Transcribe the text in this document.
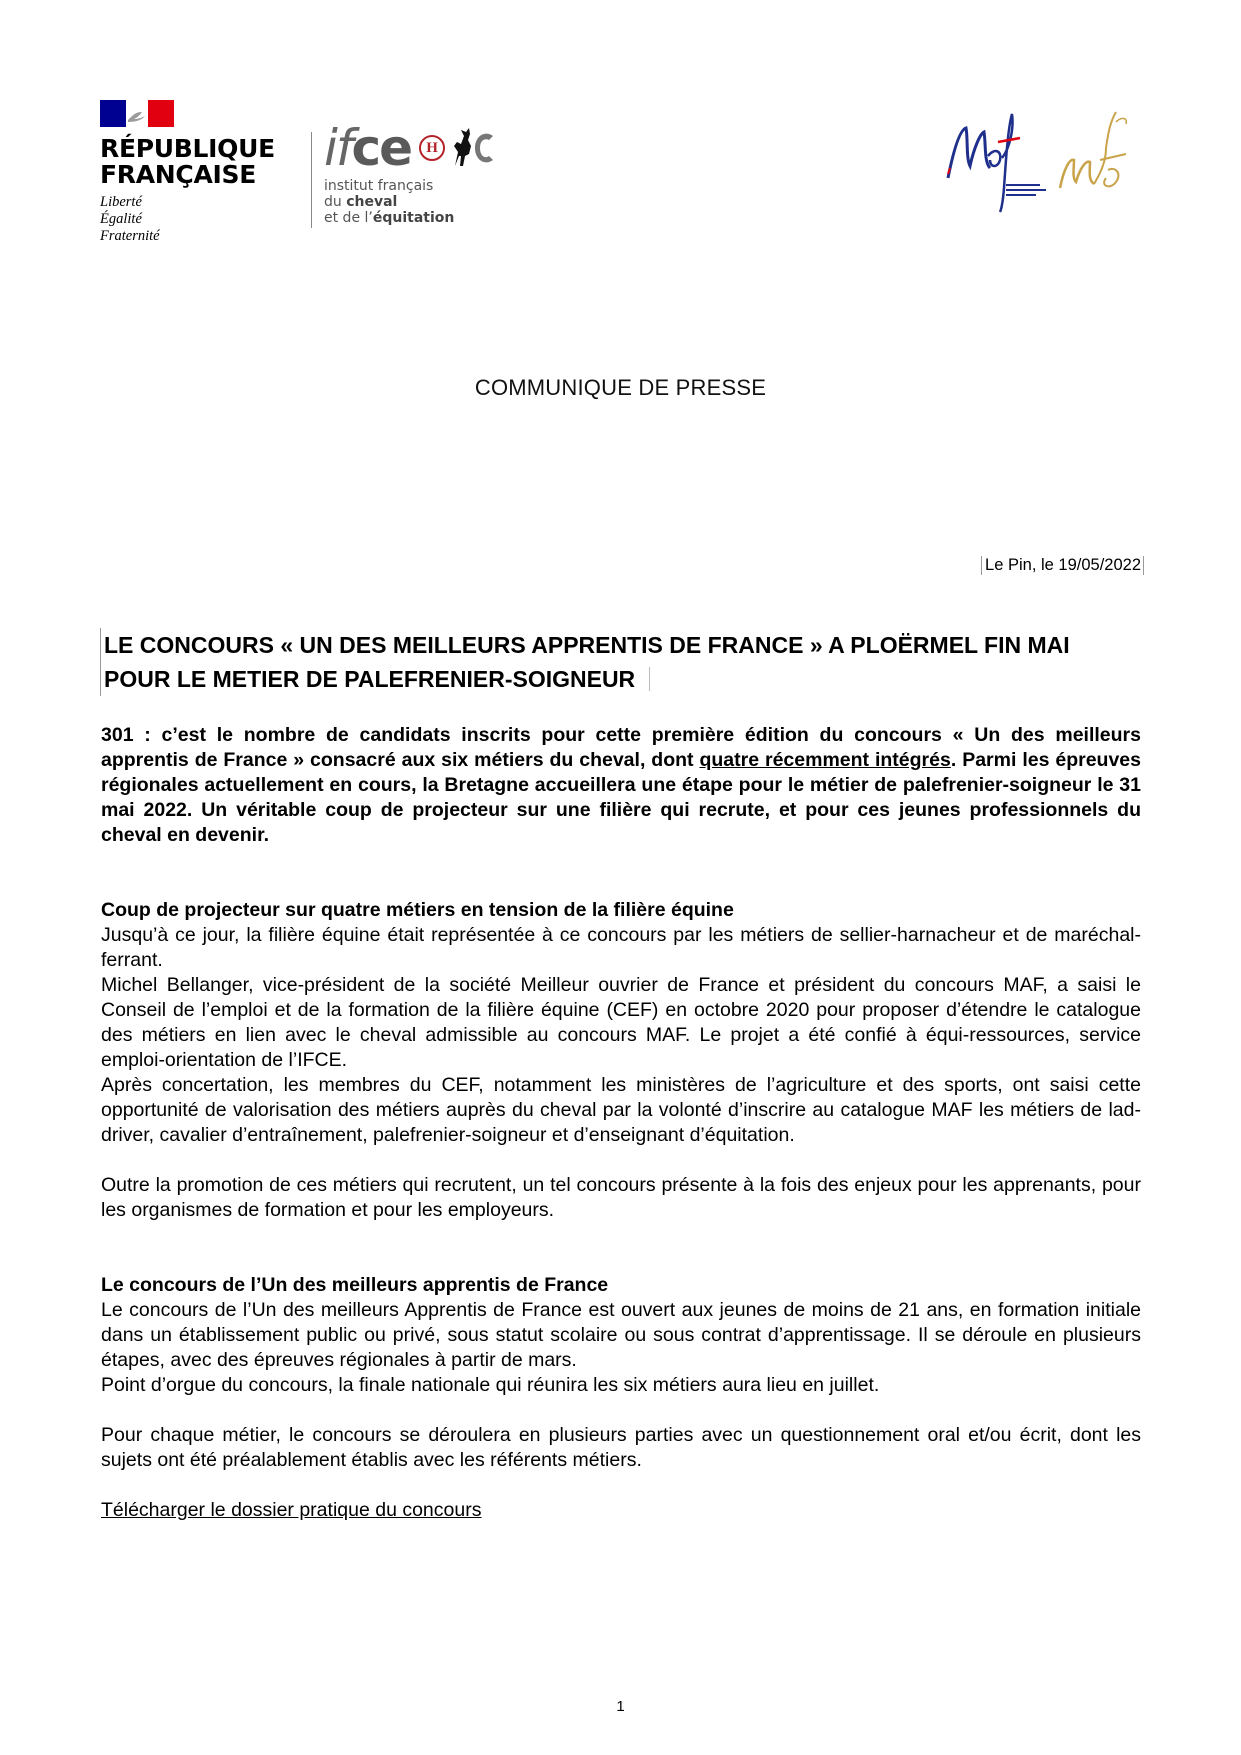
RÉPUBLIQUE
FRANÇAISE
Liberté
Égalité
Fraternité
ifce	H
institut français
du cheval
et de l’équitation
COMMUNIQUE DE PRESSE
Le Pin, le 19/05/2022
LE CONCOURS « UN DES MEILLEURS APPRENTIS DE FRANCE » A PLOËRMEL FIN MAI
POUR LE METIER DE PALEFRENIER-SOIGNEUR

301 : c’est le nombre de candidats inscrits pour cette première édition du concours « Un des meilleurs apprentis de France » consacré aux six métiers du cheval, dont quatre récemment intégrés. Parmi les épreuves régionales actuellement en cours, la Bretagne accueillera une étape pour le métier de palefrenier-soigneur le 31 mai 2022. Un véritable coup de projecteur sur une filière qui recrute, et pour ces jeunes professionnels du cheval en devenir.

Coup de projecteur sur quatre métiers en tension de la filière équine

Jusqu’à ce jour, la filière équine était représentée à ce concours par les métiers de sellier-harnacheur et de maréchal-ferrant.

Michel Bellanger, vice-président de la société Meilleur ouvrier de France et président du concours MAF, a saisi le Conseil de l’emploi et de la formation de la filière équine (CEF) en octobre 2020 pour proposer d’étendre le catalogue des métiers en lien avec le cheval admissible au concours MAF. Le projet a été confié à équi-ressources, service emploi-orientation de l’IFCE.

Après concertation, les membres du CEF, notamment les ministères de l’agriculture et des sports, ont saisi cette opportunité de valorisation des métiers auprès du cheval par la volonté d’inscrire au catalogue MAF les métiers de lad-driver, cavalier d’entraînement, palefrenier-soigneur et d’enseignant d’équitation.

Outre la promotion de ces métiers qui recrutent, un tel concours présente à la fois des enjeux pour les apprenants, pour les organismes de formation et pour les employeurs.

Le concours de l’Un des meilleurs apprentis de France

Le concours de l’Un des meilleurs Apprentis de France est ouvert aux jeunes de moins de 21 ans, en formation initiale dans un établissement public ou privé, sous statut scolaire ou sous contrat d’apprentissage. Il se déroule en plusieurs étapes, avec des épreuves régionales à partir de mars.

Point d’orgue du concours, la finale nationale qui réunira les six métiers aura lieu en juillet.

Pour chaque métier, le concours se déroulera en plusieurs parties avec un questionnement oral et/ou écrit, dont les sujets ont été préalablement établis avec les référents métiers.

Télécharger le dossier pratique du concours

1
